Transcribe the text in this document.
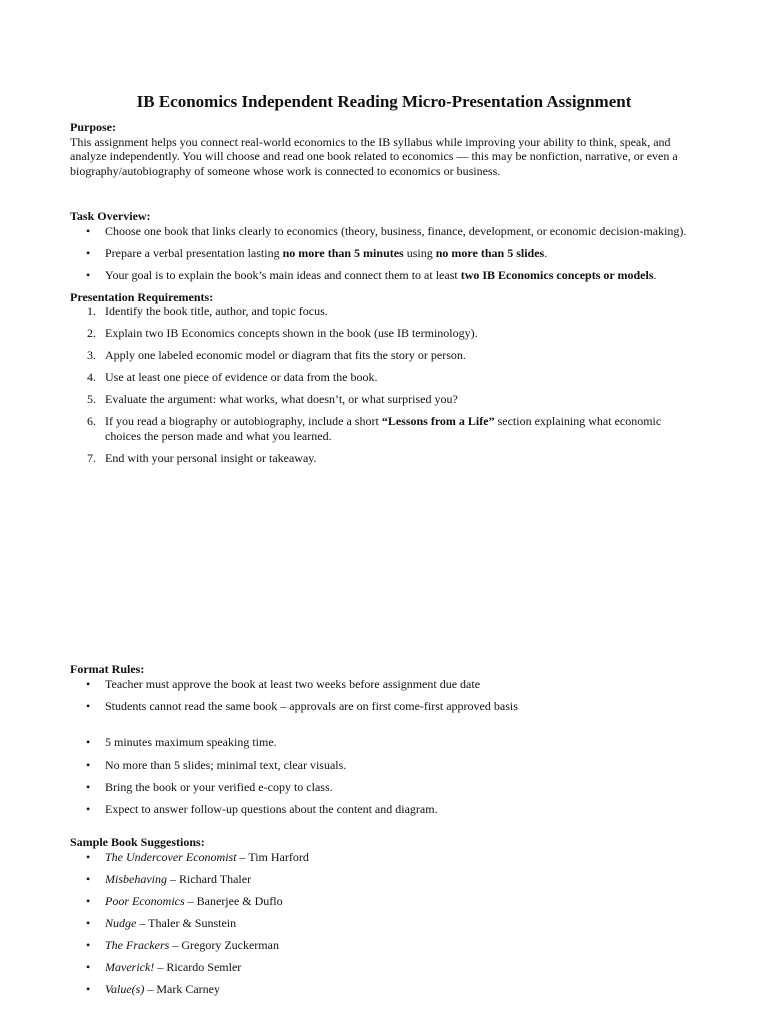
IB Economics Independent Reading Micro-Presentation Assignment
Purpose:

This assignment helps you connect real-world economics to the IB syllabus while improving your ability to think, speak, and analyze independently. You will choose and read one book related to economics — this may be nonfiction, narrative, or even a biography/autobiography of someone whose work is connected to economics or business.

Task Overview:
• Choose one book that links clearly to economics (theory, business, finance, development, or economic decision-making).
• Prepare a verbal presentation lasting no more than 5 minutes using no more than 5 slides.
• Your goal is to explain the book’s main ideas and connect them to at least two IB Economics concepts or models.
Presentation Requirements:
1. Identify the book title, author, and topic focus.
2. Explain two IB Economics concepts shown in the book (use IB terminology).
3. Apply one labeled economic model or diagram that fits the story or person.
4. Use at least one piece of evidence or data from the book.
5. Evaluate the argument: what works, what doesn’t, or what surprised you?
6. If you read a biography or autobiography, include a short “Lessons from a Life” section explaining what economic choices the person made and what you learned.
7. End with your personal insight or takeaway.
Format Rules:
• Teacher must approve the book at least two weeks before assignment due date
• Students cannot read the same book – approvals are on first come-first approved basis
• 5 minutes maximum speaking time.
• No more than 5 slides; minimal text, clear visuals.
• Bring the book or your verified e-copy to class.
• Expect to answer follow-up questions about the content and diagram.
Sample Book Suggestions:
• The Undercover Economist – Tim Harford
• Misbehaving – Richard Thaler
• Poor Economics – Banerjee & Duflo
• Nudge – Thaler & Sunstein
• The Frackers – Gregory Zuckerman
• Maverick! – Ricardo Semler
• Value(s) – Mark Carney
